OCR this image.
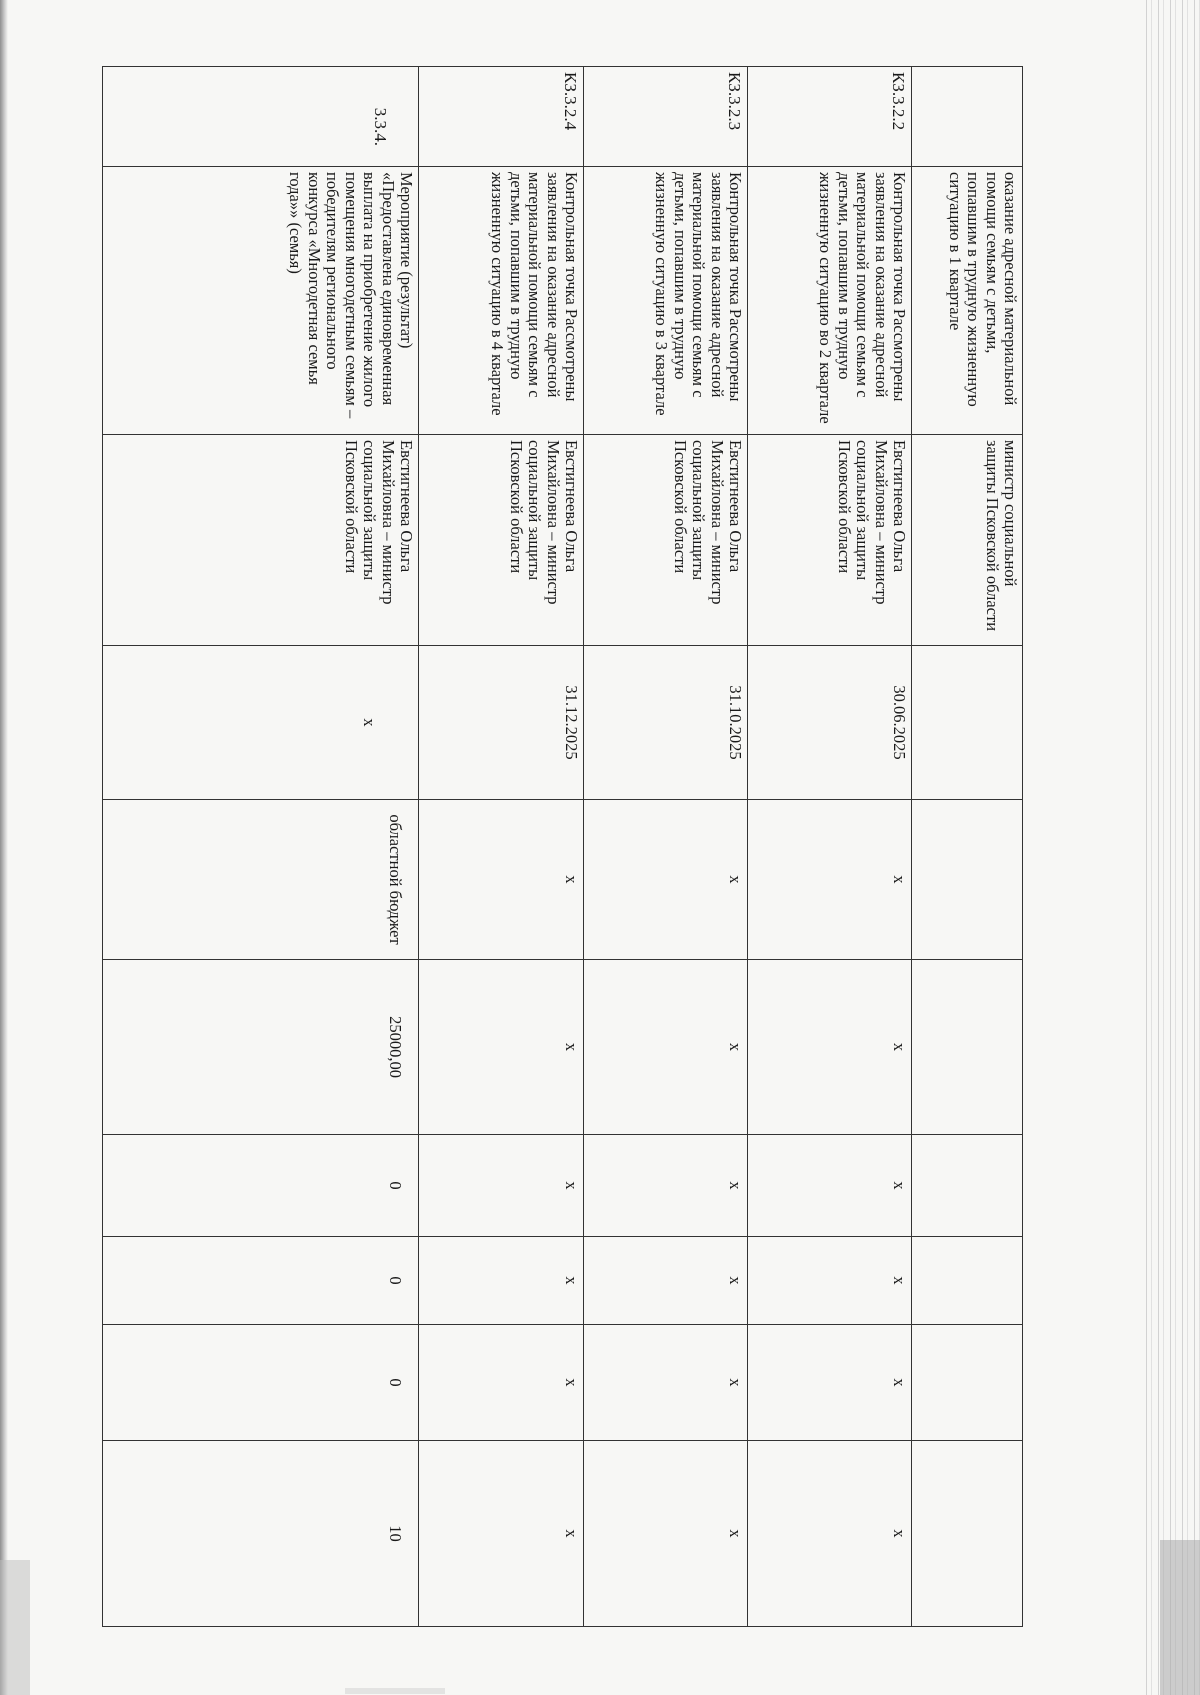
	оказание адресной материальной помощи семьям с детьми, попавшим в трудную жизненную ситуацию в 1 квартале	министр социальной защиты Псковской области							
КЗ.3.2.2	Контрольная точка Рассмотрены заявления на оказание адресной материальной помощи семьям с детьми, попавшим в трудную жизненную ситуацию во 2 квартале	Евстигнеева Ольга Михайловна – министр социальной защиты Псковской области	30.06.2025	х	х	х	х	х	х
КЗ.3.2.3	Контрольная точка Рассмотрены заявления на оказание адресной материальной помощи семьям с детьми, попавшим в трудную жизненную ситуацию в 3 квартале	Евстигнеева Ольга Михайловна – министр социальной защиты Псковской области	31.10.2025	х	х	х	х	х	х
КЗ.3.2.4	Контрольная точка Рассмотрены заявления на оказание адресной материальной помощи семьям с детьми, попавшим в трудную жизненную ситуацию в 4 квартале	Евстигнеева Ольга Михайловна – министр социальной защиты Псковской области	31.12.2025	х	х	х	х	х	х
3.3.4.	Мероприятие (результат) «Предоставлена единовременная выплата на приобретение жилого помещения многодетным семьям – победителям регионального конкурса «Многодетная семья года»» (семья)	Евстигнеева Ольга Михайловна – министр социальной защиты Псковской области	х	областной бюджет	25000,00	0	0	0	10
